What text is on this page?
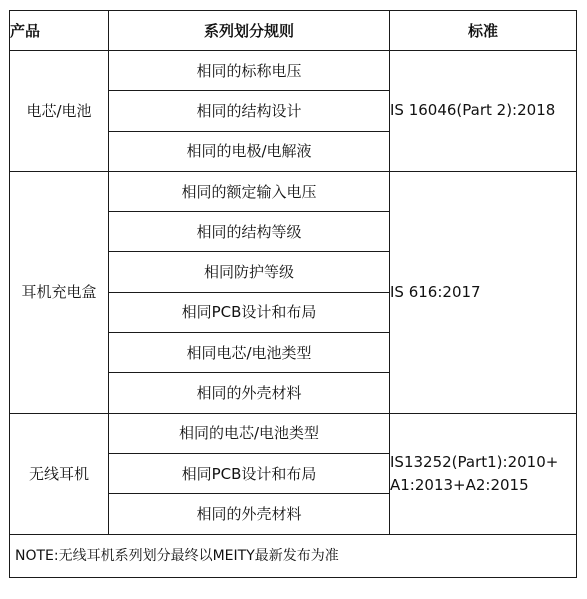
产品	系列划分规则	标准
电芯/电池	相同的标称电压	IS 16046(Part 2):2018

	相同的结构设计	
	相同的电极/电解液	
耳机充电盒	相同的额定输入电压	IS 616:2017

	相同的结构等级	
	相同防护等级	
	相同PCB设计和布局	
	相同电芯/电池类型	
	相同的外壳材料	
无线耳机	相同的电芯/电池类型	IS13252(Part1):2010+
A1:2013+A2:2015

	相同PCB设计和布局	
	相同的外壳材料	
NOTE:无线耳机系列划分最终以MEITY最新发布为准		
